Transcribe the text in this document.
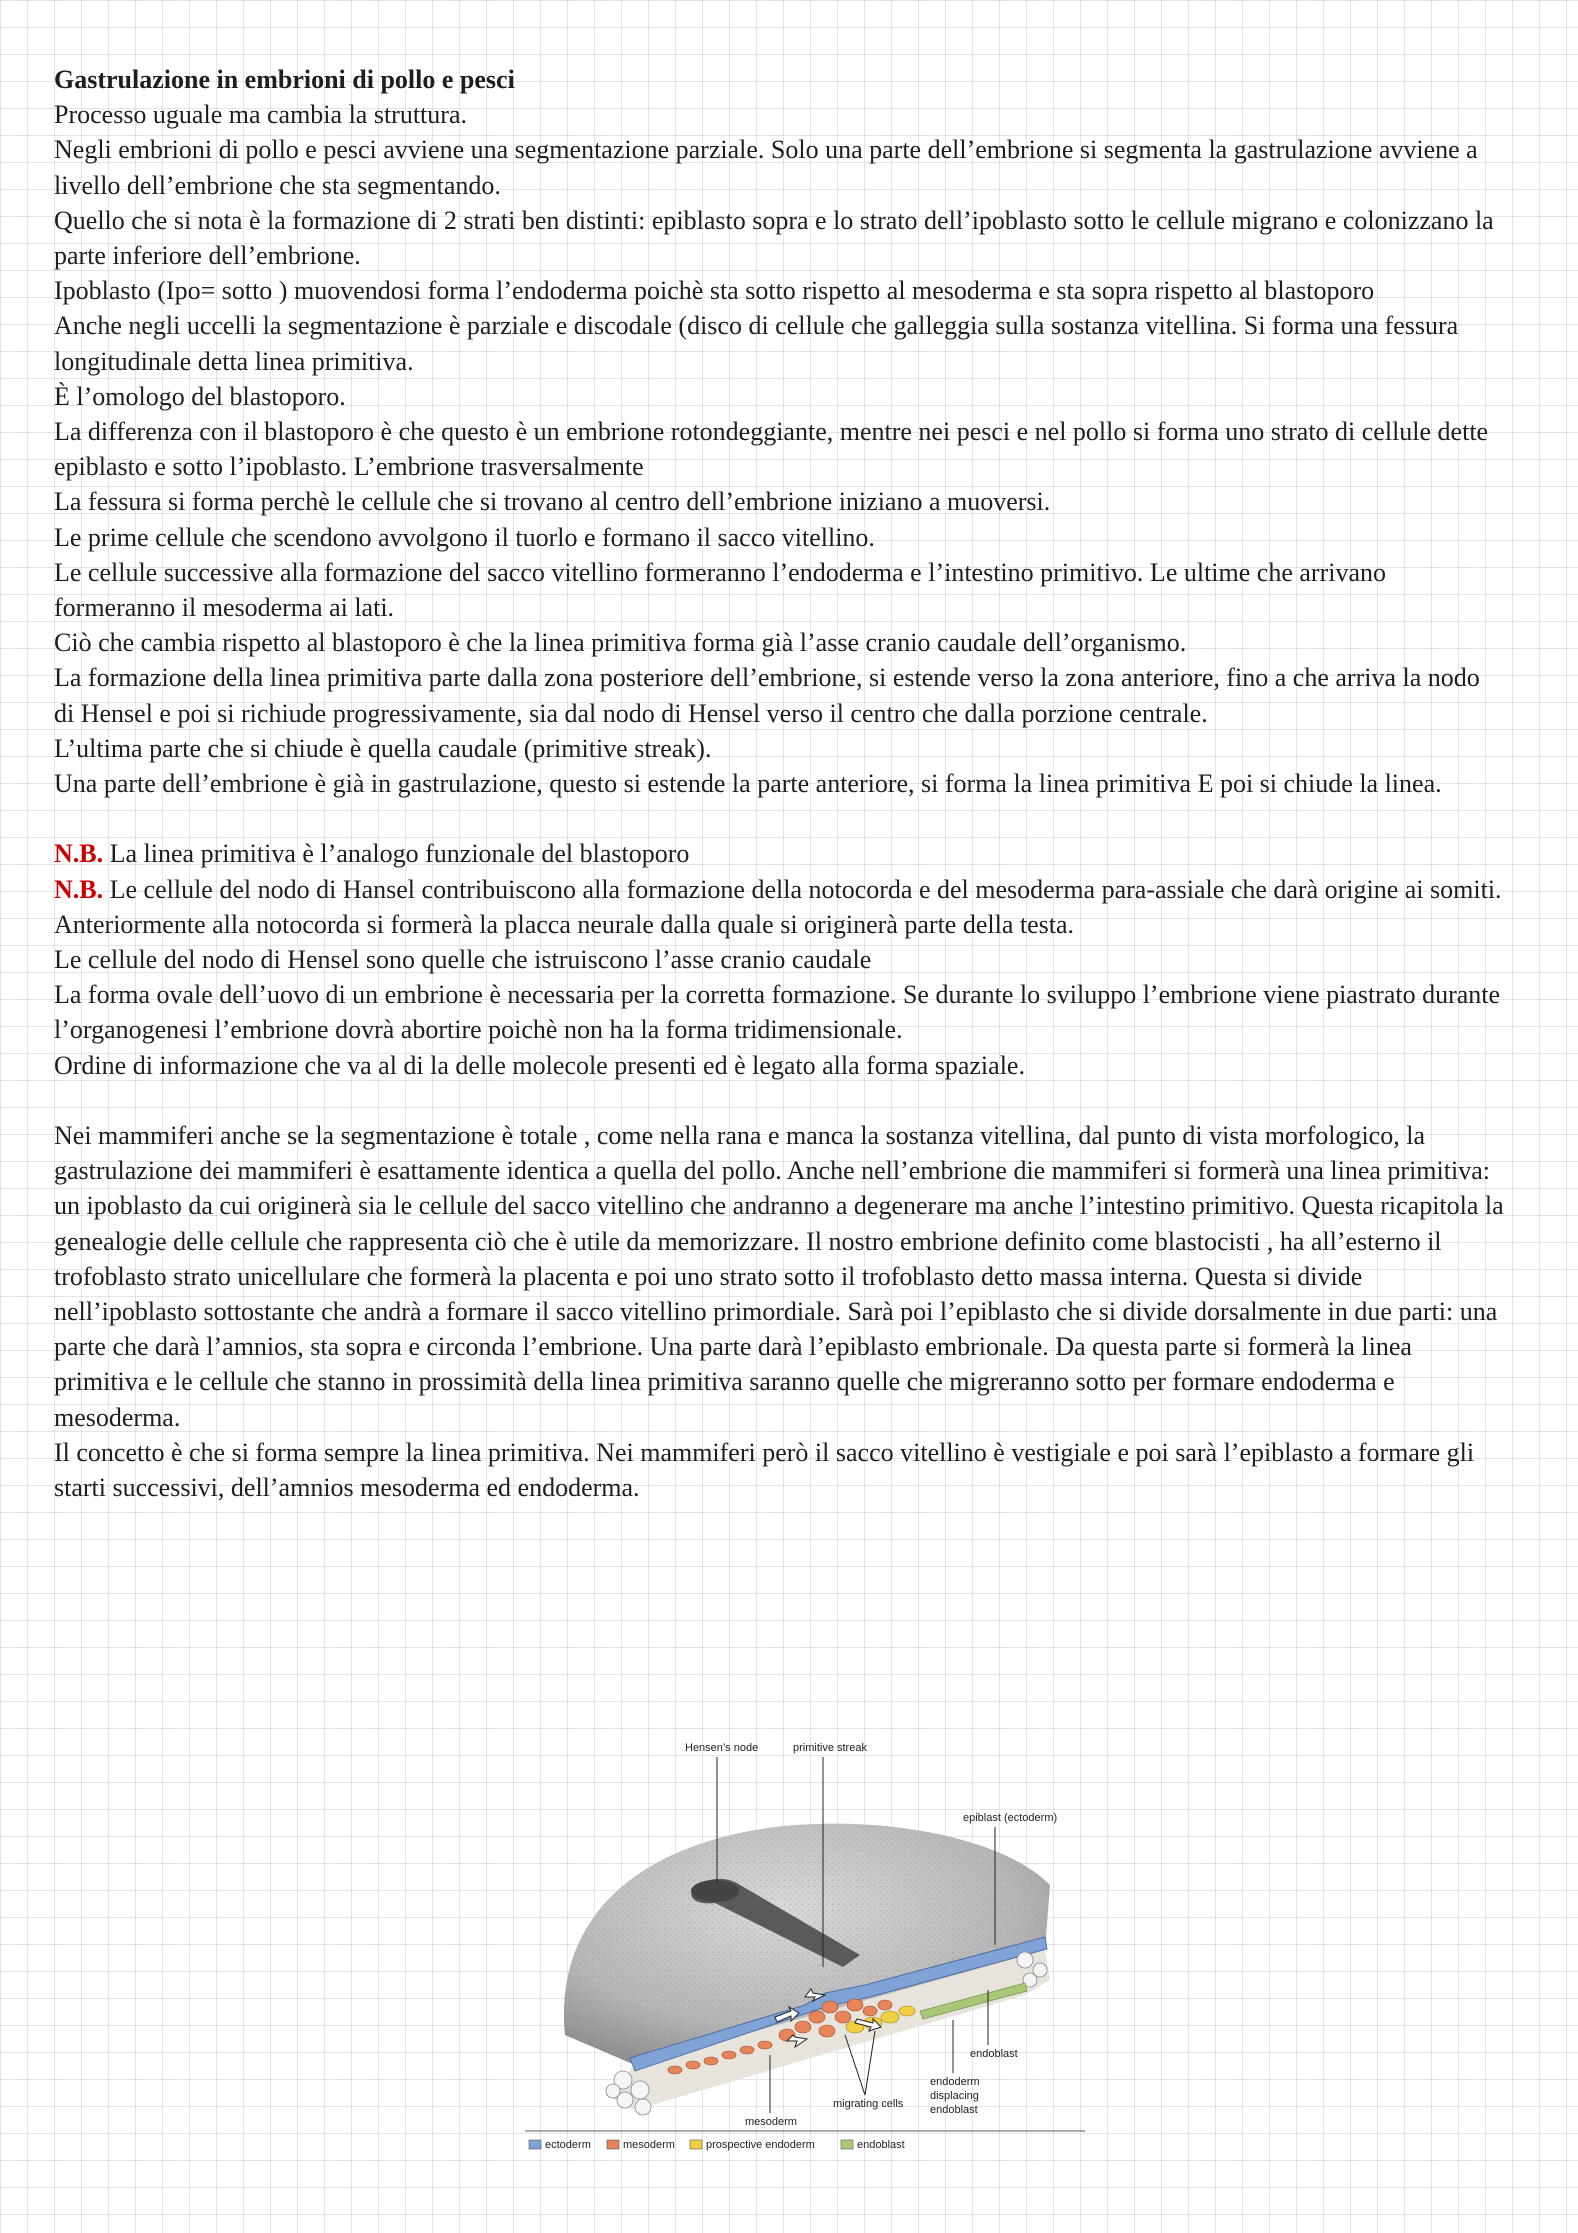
Gastrulazione in embrioni di pollo e pesci

Processo uguale ma cambia la struttura.

Negli embrioni di pollo e pesci avviene una segmentazione parziale. Solo una parte dell’embrione si segmenta la gastrulazione avviene a livello dell’embrione che sta segmentando.

Quello che si nota è la formazione di 2 strati ben distinti: epiblasto sopra e lo strato dell’ipoblasto sotto le cellule migrano e colonizzano la parte inferiore dell’embrione.

Ipoblasto (Ipo= sotto ) muovendosi forma l’endoderma poichè sta sotto rispetto al mesoderma e sta sopra rispetto al blastoporo

Anche negli uccelli la segmentazione è parziale e discodale (disco di cellule che galleggia sulla sostanza vitellina. Si forma una fessura longitudinale detta linea primitiva.

È l’omologo del blastoporo.

La differenza con il blastoporo è che questo è un embrione rotondeggiante, mentre nei pesci e nel pollo si forma uno strato di cellule dette epiblasto e sotto l’ipoblasto. L’embrione trasversalmente

La fessura si forma perchè le cellule che si trovano al centro dell’embrione iniziano a muoversi.

Le prime cellule che scendono avvolgono il tuorlo e formano il sacco vitellino.

Le cellule successive alla formazione del sacco vitellino formeranno l’endoderma e l’intestino primitivo. Le ultime che arrivano formeranno il mesoderma ai lati.

Ciò che cambia rispetto al blastoporo è che la linea primitiva forma già l’asse cranio caudale dell’organismo.

La formazione della linea primitiva parte dalla zona posteriore dell’embrione, si estende verso la zona anteriore, fino a che arriva la nodo di Hensel e poi si richiude progressivamente, sia dal nodo di Hensel verso il centro che dalla porzione centrale.

L’ultima parte che si chiude è quella caudale (primitive streak).

Una parte dell’embrione è già in gastrulazione, questo si estende la parte anteriore, si forma la linea primitiva E poi si chiude la linea.

N.B. La linea primitiva è l’analogo funzionale del blastoporo

N.B. Le cellule del nodo di Hansel contribuiscono alla formazione della notocorda e del mesoderma para-assiale che darà origine ai somiti. Anteriormente alla notocorda si formerà la placca neurale dalla quale si originerà parte della testa.

Le cellule del nodo di Hensel sono quelle che istruiscono l’asse cranio caudale

La forma ovale dell’uovo di un embrione è necessaria per la corretta formazione. Se durante lo sviluppo l’embrione viene piastrato durante l’organogenesi l’embrione dovrà abortire poichè non ha la forma tridimensionale.

Ordine di informazione che va al di la delle molecole presenti ed è legato alla forma spaziale.

Nei mammiferi anche se la segmentazione è totale , come nella rana e manca la sostanza vitellina, dal punto di vista morfologico, la gastrulazione dei mammiferi è esattamente identica a quella del pollo. Anche nell’embrione die mammiferi si formerà una linea primitiva: un ipoblasto da cui originerà sia le cellule del sacco vitellino che andranno a degenerare ma anche l’intestino primitivo. Questa ricapitola la genealogie delle cellule che rappresenta ciò che è utile da memorizzare. Il nostro embrione definito come blastocisti , ha all’esterno il trofoblasto strato unicellulare che formerà la placenta e poi uno strato sotto il trofoblasto detto massa interna. Questa si divide nell’ipoblasto sottostante che andrà a formare il sacco vitellino primordiale. Sarà poi l’epiblasto che si divide dorsalmente in due parti: una parte che darà l’amnios, sta sopra e circonda l’embrione. Una parte darà l’epiblasto embrionale. Da questa parte si formerà la linea primitiva e le cellule che stanno in prossimità della linea primitiva saranno quelle che migreranno sotto per formare endoderma e mesoderma.

Il concetto è che si forma sempre la linea primitiva. Nei mammiferi però il sacco vitellino è vestigiale e poi sarà l’epiblasto a formare gli starti successivi, dell’amnios mesoderma ed endoderma.

Hensen’s node	primitive streak
epiblast (ectoderm)
endoblast
endoderm
displacing
endoblast
migrating cells
mesoderm
ectoderm	mesoderm	prospective endoderm	endoblast
